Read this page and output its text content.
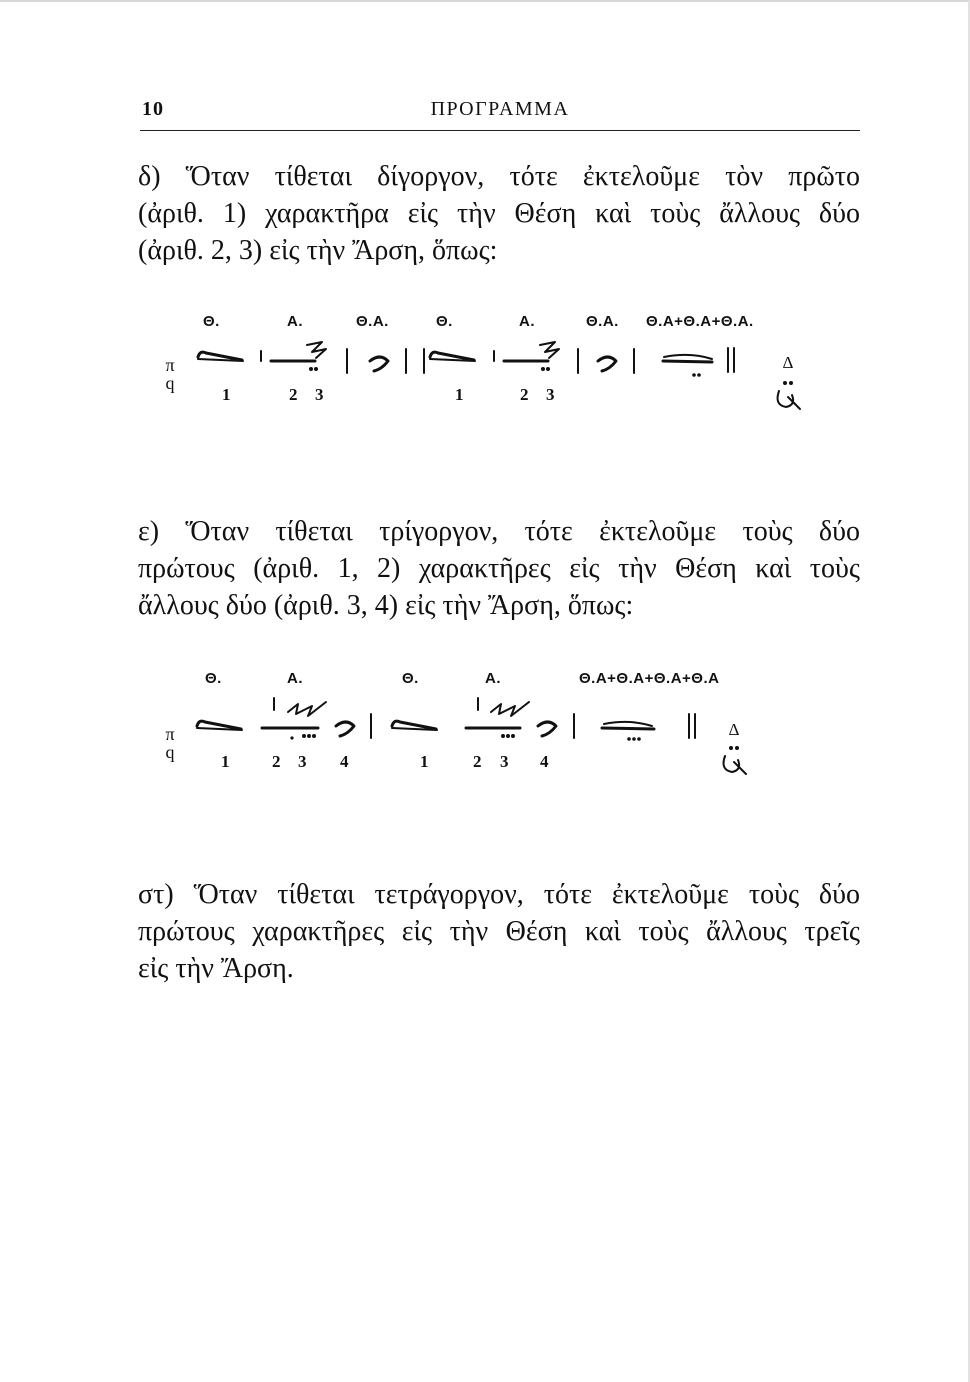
10	ΠΡΟΓΡΑΜΜΑ
δ) Ὅταν τίθεται δίγοργον, τότε ἐκτελοῦμε τὸν πρῶτο
(ἀριθ. 1) χαρακτῆρα εἰς τὴν Θέση καὶ τοὺς ἄλλους δύο
(ἀριθ. 2, 3) εἰς τὴν Ἄρση, ὅπως:
Θ.	Α.	Θ.Α.	Θ.	Α.	Θ.Α. Θ.Α+Θ.Α+Θ.Α.
π
q
Δ
1	2 3	1	2 3
ε) Ὅταν τίθεται τρίγοργον, τότε ἐκτελοῦμε τοὺς δύο
πρώτους (ἀριθ. 1, 2) χαρακτῆρες εἰς τὴν Θέση καὶ τοὺς
ἄλλους δύο (ἀριθ. 3, 4) εἰς τὴν Ἄρση, ὅπως:
Θ.	Α.	Θ.	Α.	Θ.Α+Θ.Α+Θ.Α+Θ.Α
π
q
Δ
1	2 3 4	1	2 3 4
στ) Ὅταν τίθεται τετράγοργον, τότε ἐκτελοῦμε τοὺς δύο
πρώτους χαρακτῆρες εἰς τὴν Θέση καὶ τοὺς ἄλλους τρεῖς
εἰς τὴν Ἄρση.
